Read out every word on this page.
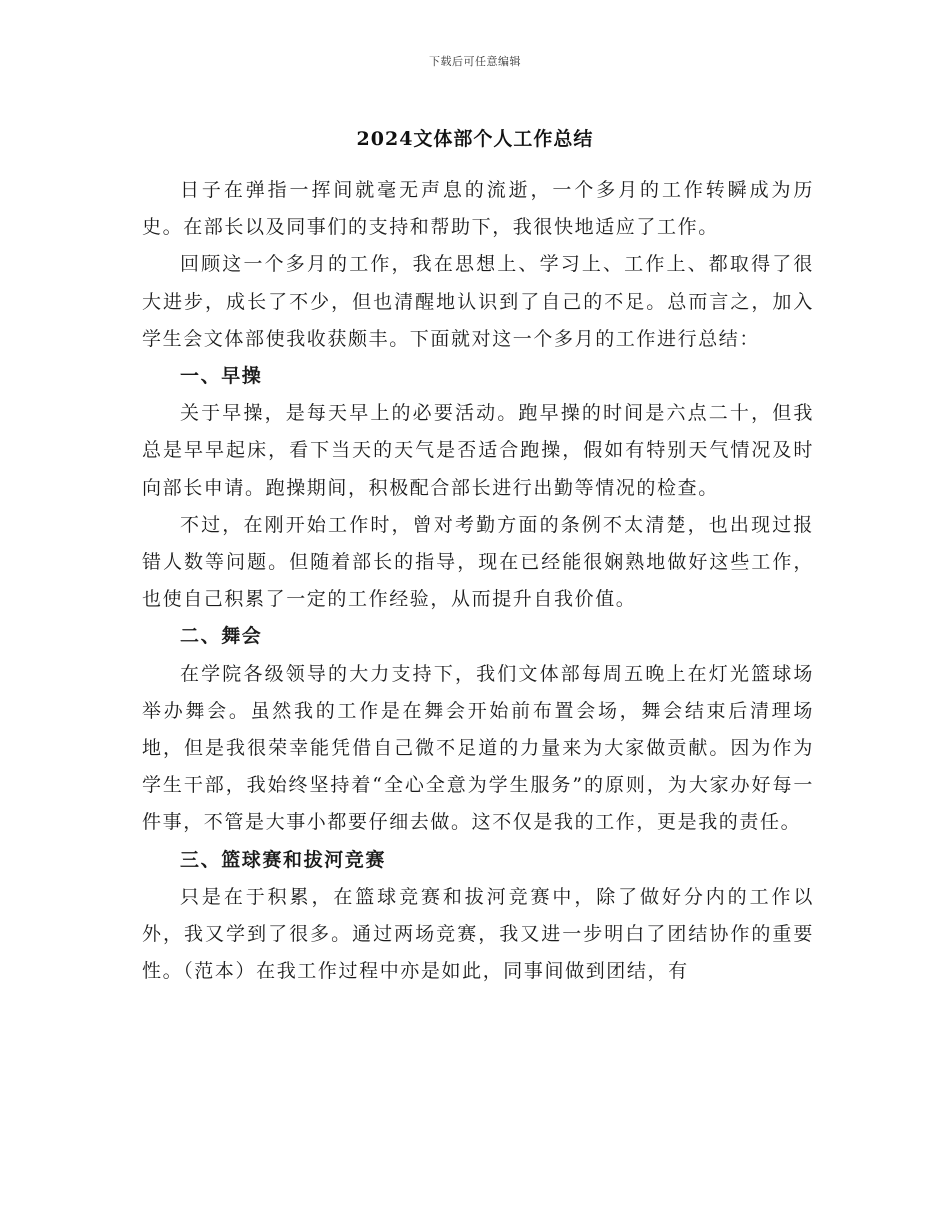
下载后可任意编辑
2024文体部个人工作总结

日子在弹指一挥间就毫无声息的流逝，一个多月的工作转瞬成为历史。在部长以及同事们的支持和帮助下，我很快地适应了工作。

回顾这一个多月的工作，我在思想上、学习上、工作上、都取得了很大进步，成长了不少，但也清醒地认识到了自己的不足。总而言之，加入学生会文体部使我收获颇丰。下面就对这一个多月的工作进行总结：

一、早操

关于早操，是每天早上的必要活动。跑早操的时间是六点二十，但我总是早早起床，看下当天的天气是否适合跑操，假如有特别天气情况及时向部长申请。跑操期间，积极配合部长进行出勤等情况的检查。

不过，在刚开始工作时，曾对考勤方面的条例不太清楚，也出现过报错人数等问题。但随着部长的指导，现在已经能很娴熟地做好这些工作，也使自己积累了一定的工作经验，从而提升自我价值。

二、舞会

在学院各级领导的大力支持下，我们文体部每周五晚上在灯光篮球场举办舞会。虽然我的工作是在舞会开始前布置会场，舞会结束后清理场地，但是我很荣幸能凭借自己微不足道的力量来为大家做贡献。因为作为学生干部，我始终坚持着“全心全意为学生服务”的原则，为大家办好每一件事，不管是大事小都要仔细去做。这不仅是我的工作，更是我的责任。

三、篮球赛和拔河竞赛

只是在于积累，在篮球竞赛和拔河竞赛中，除了做好分内的工作以外，我又学到了很多。通过两场竞赛，我又进一步明白了团结协作的重要性。（范本）在我工作过程中亦是如此，同事间做到团结，有
